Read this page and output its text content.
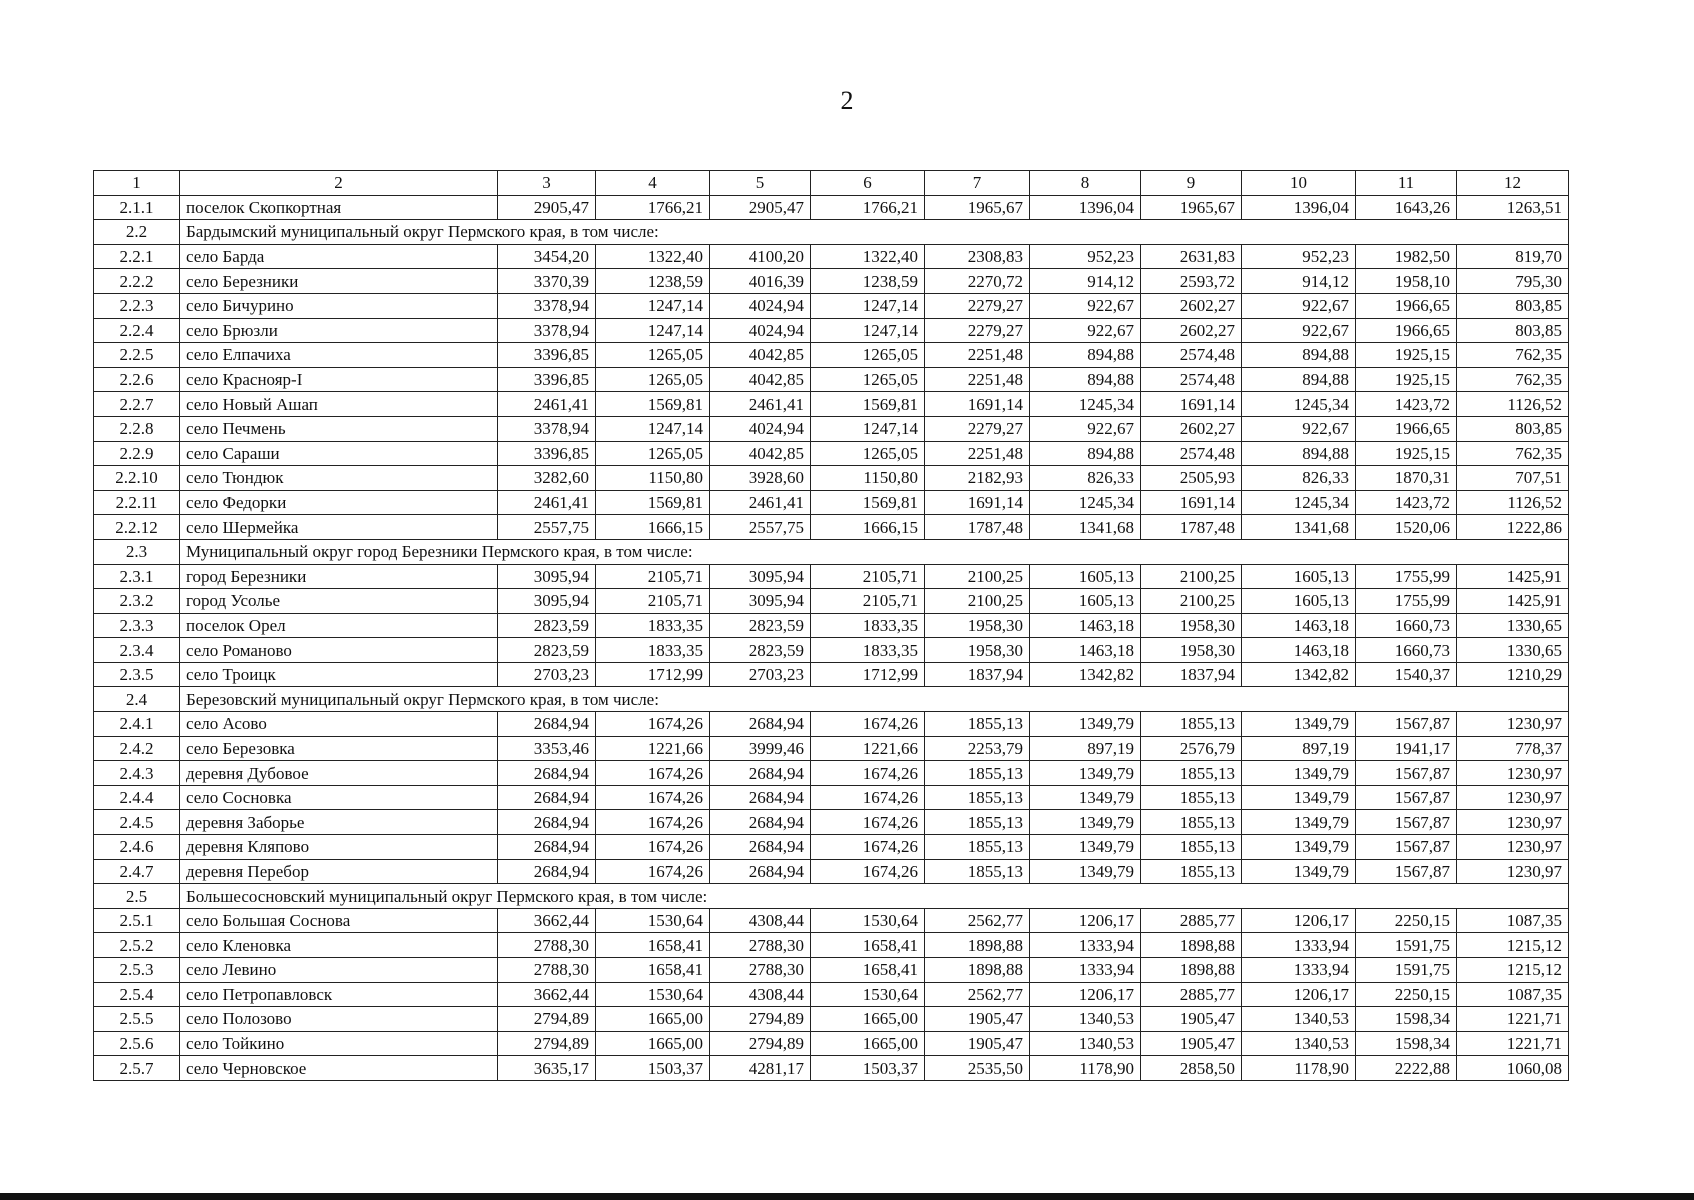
2
1	2	3	4	5	6	7	8	9	10	11	12
2.1.1	поселок Скопкортная	2905,47	1766,21	2905,47	1766,21	1965,67	1396,04	1965,67	1396,04	1643,26	1263,51
2.2	Бардымский муниципальный округ Пермского края, в том числе:										
2.2.1	село Барда	3454,20	1322,40	4100,20	1322,40	2308,83	952,23	2631,83	952,23	1982,50	819,70
2.2.2	село Березники	3370,39	1238,59	4016,39	1238,59	2270,72	914,12	2593,72	914,12	1958,10	795,30
2.2.3	село Бичурино	3378,94	1247,14	4024,94	1247,14	2279,27	922,67	2602,27	922,67	1966,65	803,85
2.2.4	село Брюзли	3378,94	1247,14	4024,94	1247,14	2279,27	922,67	2602,27	922,67	1966,65	803,85
2.2.5	село Елпачиха	3396,85	1265,05	4042,85	1265,05	2251,48	894,88	2574,48	894,88	1925,15	762,35
2.2.6	село Краснояр-I	3396,85	1265,05	4042,85	1265,05	2251,48	894,88	2574,48	894,88	1925,15	762,35
2.2.7	село Новый Ашап	2461,41	1569,81	2461,41	1569,81	1691,14	1245,34	1691,14	1245,34	1423,72	1126,52
2.2.8	село Печмень	3378,94	1247,14	4024,94	1247,14	2279,27	922,67	2602,27	922,67	1966,65	803,85
2.2.9	село Сараши	3396,85	1265,05	4042,85	1265,05	2251,48	894,88	2574,48	894,88	1925,15	762,35
2.2.10	село Тюндюк	3282,60	1150,80	3928,60	1150,80	2182,93	826,33	2505,93	826,33	1870,31	707,51
2.2.11	село Федорки	2461,41	1569,81	2461,41	1569,81	1691,14	1245,34	1691,14	1245,34	1423,72	1126,52
2.2.12	село Шермейка	2557,75	1666,15	2557,75	1666,15	1787,48	1341,68	1787,48	1341,68	1520,06	1222,86
2.3	Муниципальный округ город Березники Пермского края, в том числе:										
2.3.1	город Березники	3095,94	2105,71	3095,94	2105,71	2100,25	1605,13	2100,25	1605,13	1755,99	1425,91
2.3.2	город Усолье	3095,94	2105,71	3095,94	2105,71	2100,25	1605,13	2100,25	1605,13	1755,99	1425,91
2.3.3	поселок Орел	2823,59	1833,35	2823,59	1833,35	1958,30	1463,18	1958,30	1463,18	1660,73	1330,65
2.3.4	село Романово	2823,59	1833,35	2823,59	1833,35	1958,30	1463,18	1958,30	1463,18	1660,73	1330,65
2.3.5	село Троицк	2703,23	1712,99	2703,23	1712,99	1837,94	1342,82	1837,94	1342,82	1540,37	1210,29
2.4	Березовский муниципальный округ Пермского края, в том числе:										
2.4.1	село Асово	2684,94	1674,26	2684,94	1674,26	1855,13	1349,79	1855,13	1349,79	1567,87	1230,97
2.4.2	село Березовка	3353,46	1221,66	3999,46	1221,66	2253,79	897,19	2576,79	897,19	1941,17	778,37
2.4.3	деревня Дубовое	2684,94	1674,26	2684,94	1674,26	1855,13	1349,79	1855,13	1349,79	1567,87	1230,97
2.4.4	село Сосновка	2684,94	1674,26	2684,94	1674,26	1855,13	1349,79	1855,13	1349,79	1567,87	1230,97
2.4.5	деревня Заборье	2684,94	1674,26	2684,94	1674,26	1855,13	1349,79	1855,13	1349,79	1567,87	1230,97
2.4.6	деревня Кляпово	2684,94	1674,26	2684,94	1674,26	1855,13	1349,79	1855,13	1349,79	1567,87	1230,97
2.4.7	деревня Перебор	2684,94	1674,26	2684,94	1674,26	1855,13	1349,79	1855,13	1349,79	1567,87	1230,97
2.5	Большесосновский муниципальный округ Пермского края, в том числе:										
2.5.1	село Большая Соснова	3662,44	1530,64	4308,44	1530,64	2562,77	1206,17	2885,77	1206,17	2250,15	1087,35
2.5.2	село Кленовка	2788,30	1658,41	2788,30	1658,41	1898,88	1333,94	1898,88	1333,94	1591,75	1215,12
2.5.3	село Левино	2788,30	1658,41	2788,30	1658,41	1898,88	1333,94	1898,88	1333,94	1591,75	1215,12
2.5.4	село Петропавловск	3662,44	1530,64	4308,44	1530,64	2562,77	1206,17	2885,77	1206,17	2250,15	1087,35
2.5.5	село Полозово	2794,89	1665,00	2794,89	1665,00	1905,47	1340,53	1905,47	1340,53	1598,34	1221,71
2.5.6	село Тойкино	2794,89	1665,00	2794,89	1665,00	1905,47	1340,53	1905,47	1340,53	1598,34	1221,71
2.5.7	село Черновское	3635,17	1503,37	4281,17	1503,37	2535,50	1178,90	2858,50	1178,90	2222,88	1060,08
